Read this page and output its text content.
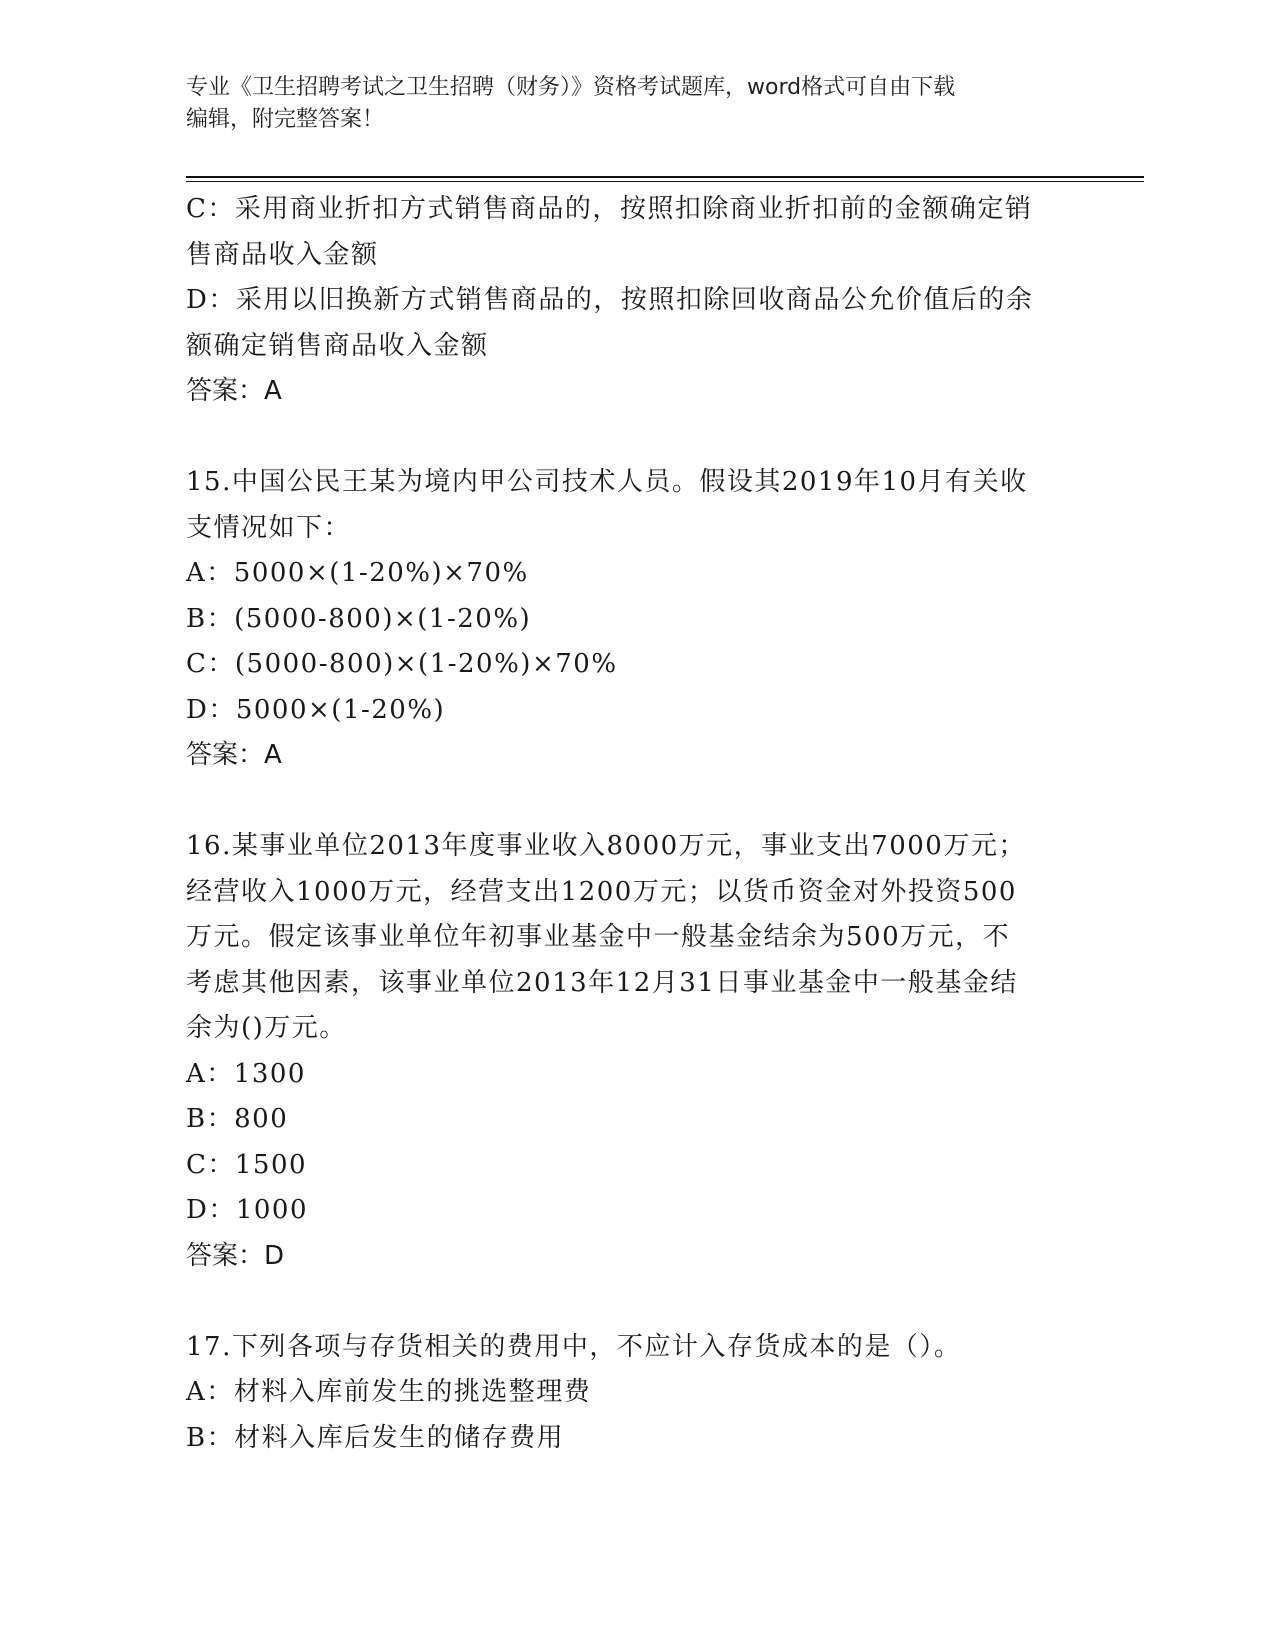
专业《卫生招聘考试之卫生招聘（财务）》资格考试题库，word格式可自由下载
编辑，附完整答案！

C：采用商业折扣方式销售商品的，按照扣除商业折扣前的金额确定销

售商品收入金额

D：采用以旧换新方式销售商品的，按照扣除回收商品公允价值后的余

额确定销售商品收入金额

答案：A

15.中国公民王某为境内甲公司技术人员。假设其2019年10月有关收

支情况如下：

A：5000×(1-20%)×70%

B：(5000-800)×(1-20%)

C：(5000-800)×(1-20%)×70%

D：5000×(1-20%)

答案：A

16.某事业单位2013年度事业收入8000万元，事业支出7000万元；

经营收入1000万元，经营支出1200万元；以货币资金对外投资500

万元。假定该事业单位年初事业基金中一般基金结余为500万元，不

考虑其他因素，该事业单位2013年12月31日事业基金中一般基金结

余为()万元。

A：1300

B：800

C：1500

D：1000

答案：D

17.下列各项与存货相关的费用中，不应计入存货成本的是（）。

A：材料入库前发生的挑选整理费

B：材料入库后发生的储存费用
